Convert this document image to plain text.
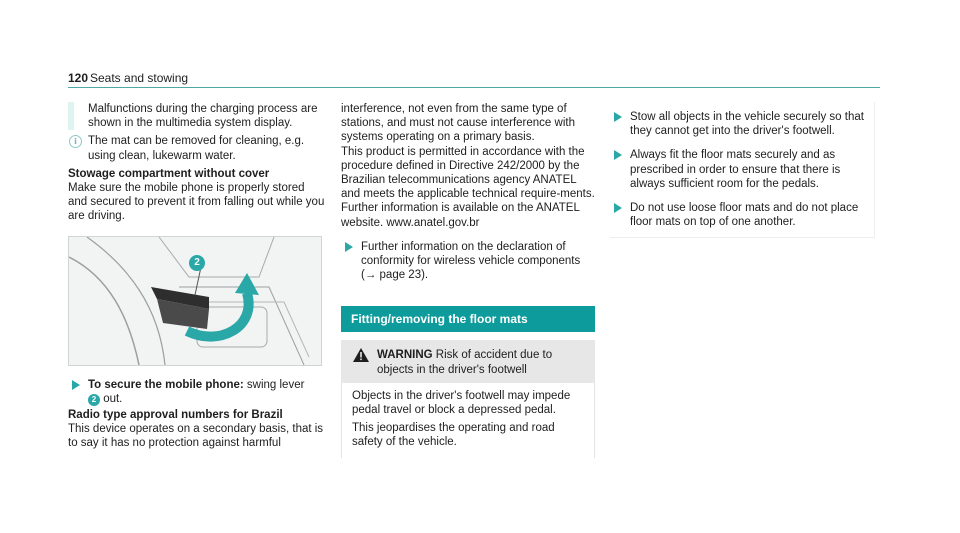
120 Seats and stowing

Malfunctions during the charging process are shown in the multimedia system display.

i The mat can be removed for cleaning, e.g. using clean, lukewarm water.

Stowage compartment without cover

Make sure the mobile phone is properly stored and secured to prevent it from falling out while you are driving.

2
To secure the mobile phone: swing lever
2 out.

Radio type approval numbers for Brazil

This device operates on a secondary basis, that is to say it has no protection against harmful

interference, not even from the same type of stations, and must not cause interference with systems operating on a primary basis.

This product is permitted in accordance with the procedure defined in Directive 242/2000 by the Brazilian telecommunications agency ANATEL and meets the applicable technical require-ments.

Further information is available on the ANATEL website. www.anatel.gov.br

Further information on the declaration of conformity for wireless vehicle components (→ page 23).

Fitting/removing the floor mats
WARNING Risk of accident due to objects in the driver's footwell

Objects in the driver's footwell may impede pedal travel or block a depressed pedal.

This jeopardises the operating and road safety of the vehicle.

Stow all objects in the vehicle securely so that they cannot get into the driver's footwell.

Always fit the floor mats securely and as prescribed in order to ensure that there is always sufficient room for the pedals.

Do not use loose floor mats and do not place floor mats on top of one another.
